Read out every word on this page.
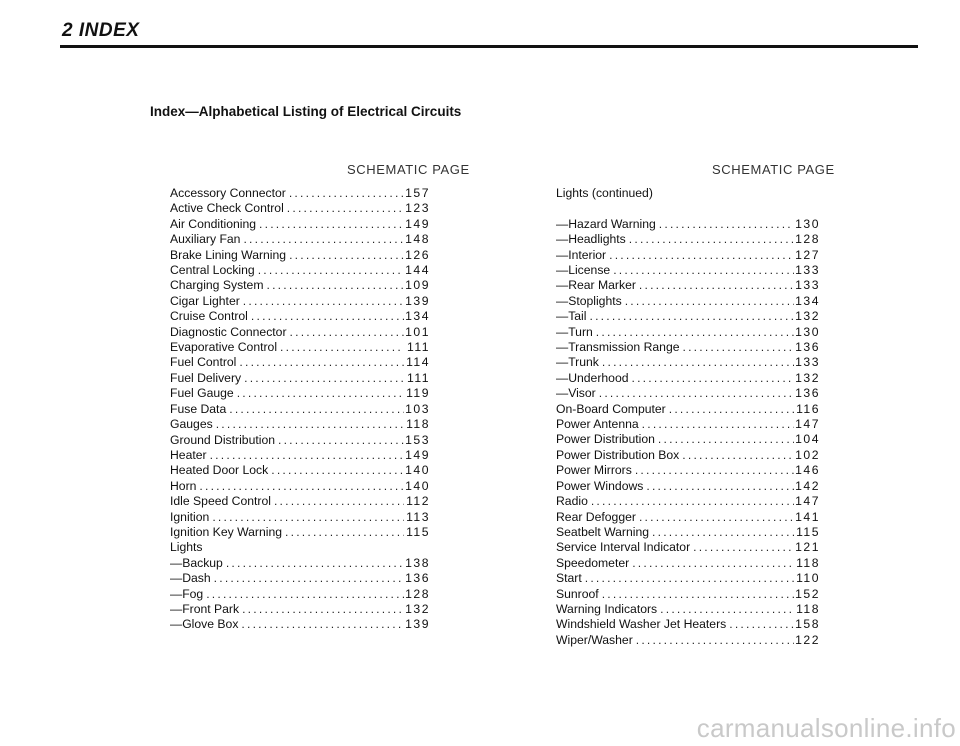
2 INDEX
Index—Alphabetical Listing of Electrical Circuits
SCHEMATIC PAGE	SCHEMATIC PAGE
Accessory Connector .....	157
Active Check Control .....	123
Air Conditioning .....	149
Auxiliary Fan .....	148
Brake Lining Warning .....	126
Central Locking .....	144
Charging System .....	109
Cigar Lighter .....	139
Cruise Control .....	134
Diagnostic Connector .....	101
Evaporative Control .....	111
Fuel Control .....	114
Fuel Delivery .....	111
Fuel Gauge .....	119
Fuse Data .....	103
Gauges .....	118
Ground Distribution .....	153
Heater .....	149
Heated Door Lock .....	140
Horn .....	140
Idle Speed Control .....	112
Ignition .....	113
Ignition Key Warning .....	115
Lights
—Backup .....	138
—Dash .....	136
—Fog .....	128
—Front Park .....	132
—Glove Box .....	139
Lights (continued)
—Hazard Warning .....	130
—Headlights .....	128
—Interior .....	127
—License .....	133
—Rear Marker .....	133
—Stoplights .....	134
—Tail .....	132
—Turn .....	130
—Transmission Range .....	136
—Trunk .....	133
—Underhood .....	132
—Visor .....	136
On-Board Computer .....	116
Power Antenna .....	147
Power Distribution .....	104
Power Distribution Box .....	102
Power Mirrors .....	146
Power Windows .....	142
Radio .....	147
Rear Defogger .....	141
Seatbelt Warning .....	115
Service Interval Indicator .....	121
Speedometer .....	118
Start .....	110
Sunroof .....	152
Warning Indicators .....	118
Windshield Washer Jet Heaters .....	158
Wiper/Washer .....	122
carmanualsonline.info
